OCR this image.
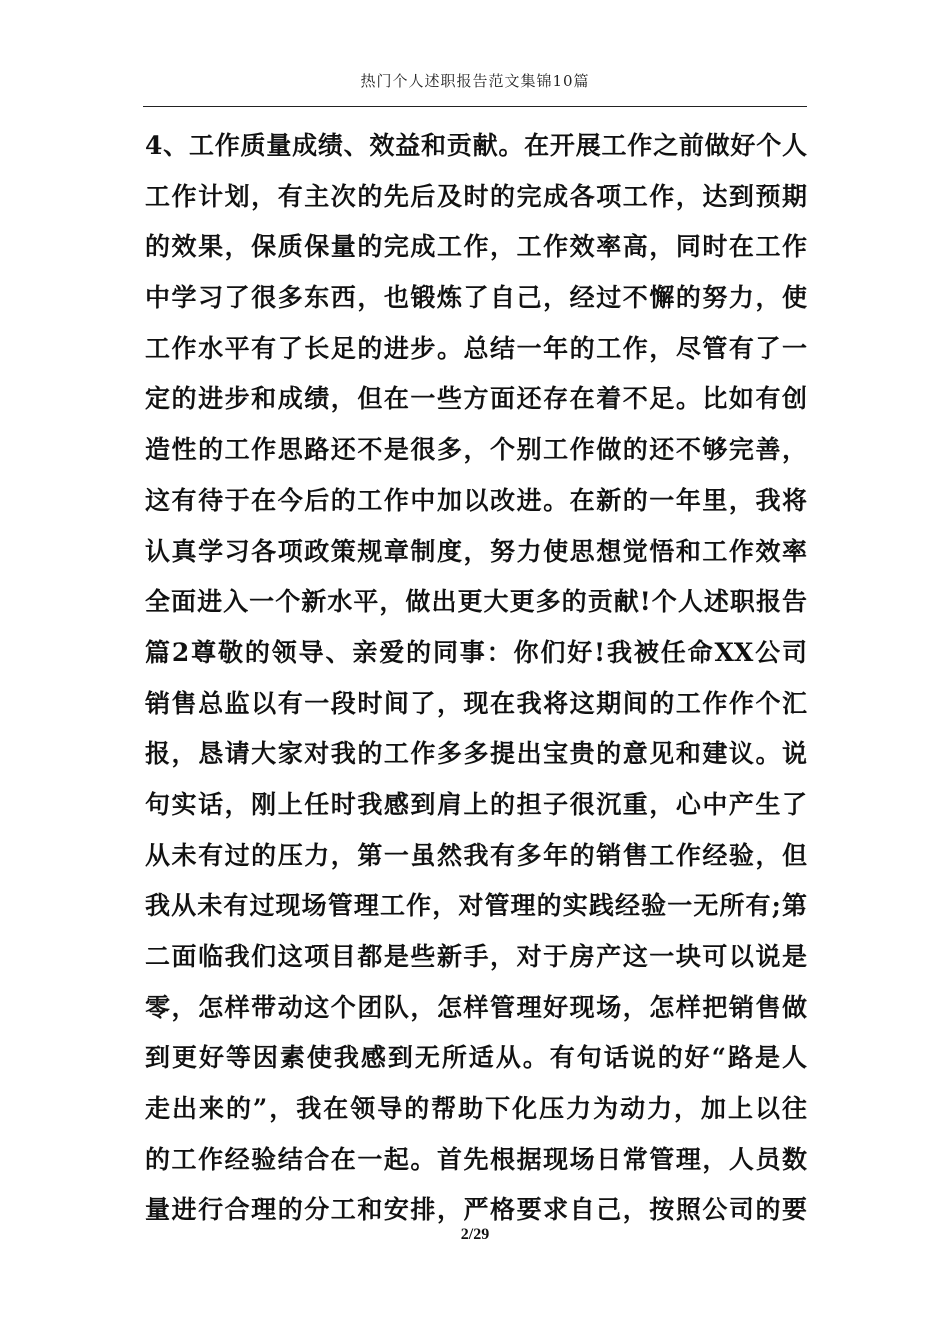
热门个人述职报告范文集锦10篇
4、工作质量成绩、效益和贡献。在开展工作之前做好个人
工作计划，有主次的先后及时的完成各项工作，达到预期
的效果，保质保量的完成工作，工作效率高，同时在工作
中学习了很多东西，也锻炼了自己，经过不懈的努力，使
工作水平有了长足的进步。总结一年的工作，尽管有了一
定的进步和成绩，但在一些方面还存在着不足。比如有创
造性的工作思路还不是很多，个别工作做的还不够完善，
这有待于在今后的工作中加以改进。在新的一年里，我将
认真学习各项政策规章制度，努力使思想觉悟和工作效率
全面进入一个新水平，做出更大更多的贡献!个人述职报告
篇2尊敬的领导、亲爱的同事：你们好!我被任命XX公司
销售总监以有一段时间了，现在我将这期间的工作作个汇
报，恳请大家对我的工作多多提出宝贵的意见和建议。说
句实话，刚上任时我感到肩上的担子很沉重，心中产生了
从未有过的压力，第一虽然我有多年的销售工作经验，但
我从未有过现场管理工作，对管理的实践经验一无所有;第
二面临我们这项目都是些新手，对于房产这一块可以说是
零，怎样带动这个团队，怎样管理好现场，怎样把销售做
到更好等因素使我感到无所适从。有句话说的好“路是人
走出来的”，我在领导的帮助下化压力为动力，加上以往
的工作经验结合在一起。首先根据现场日常管理，人员数
量进行合理的分工和安排，严格要求自己，按照公司的要
2/29
